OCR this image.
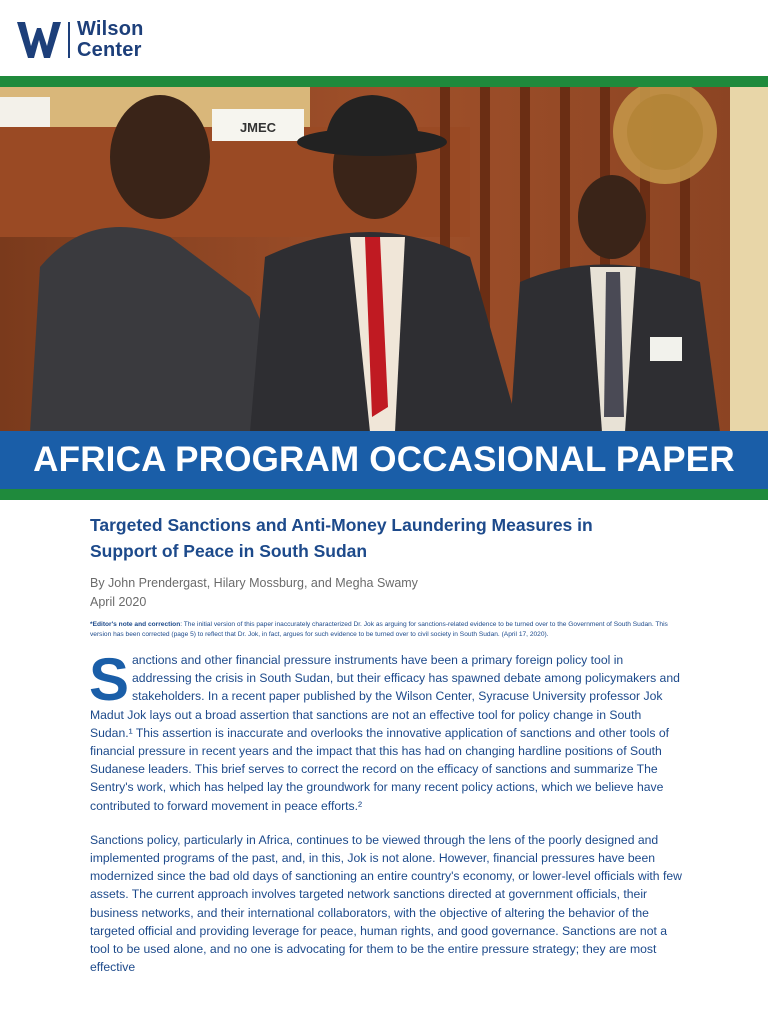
Wilson
Center
JMEC
AFRICA PROGRAM OCCASIONAL PAPER
Targeted Sanctions and Anti-Money Laundering Measures in
Support of Peace in South Sudan

By John Prendergast, Hilary Mossburg, and Megha Swamy

April 2020

*Editor's note and correction: The initial version of this paper inaccurately characterized Dr. Jok as arguing for sanctions-related evidence to be turned over to the Government of South Sudan. This version has been corrected (page 5) to reflect that Dr. Jok, in fact, argues for such evidence to be turned over to civil society in South Sudan. (April 17, 2020).

Sanctions and other financial pressure instruments have been a primary foreign policy tool in addressing the crisis in South Sudan, but their efficacy has spawned debate among policymakers and stakeholders. In a recent paper published by the Wilson Center, Syracuse University professor Jok Madut Jok lays out a broad assertion that sanctions are not an effective tool for policy change in South Sudan.¹ This assertion is inaccurate and overlooks the innovative application of sanctions and other tools of financial pressure in recent years and the impact that this has had on changing hardline positions of South Sudanese leaders. This brief serves to correct the record on the efficacy of sanctions and summarize The Sentry's work, which has helped lay the groundwork for many recent policy actions, which we believe have contributed to forward movement in peace efforts.²

Sanctions policy, particularly in Africa, continues to be viewed through the lens of the poorly designed and implemented programs of the past, and, in this, Jok is not alone. However, financial pressures have been modernized since the bad old days of sanctioning an entire country's economy, or lower-level officials with few assets. The current approach involves targeted network sanctions directed at government officials, their business networks, and their international collaborators, with the objective of altering the behavior of the targeted official and providing leverage for peace, human rights, and good governance. Sanctions are not a tool to be used alone, and no one is advocating for them to be the entire pressure strategy; they are most effective
